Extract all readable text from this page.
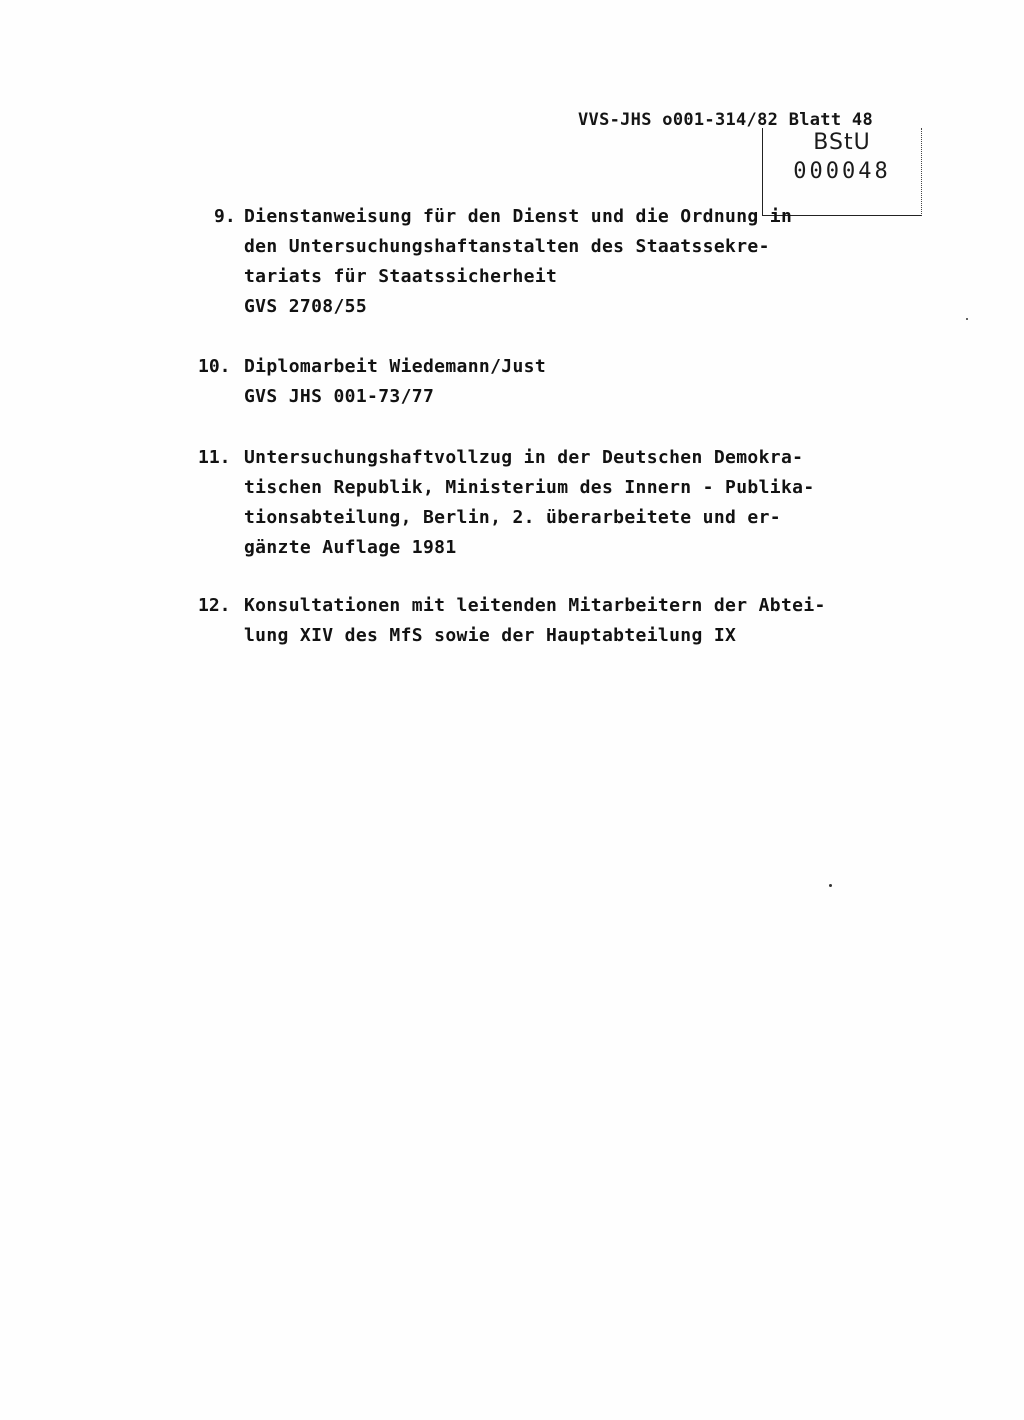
VVS-JHS o001-314/82 Blatt 48
BStU
000048
9. Dienstanweisung für den Dienst und die Ordnung in
den Untersuchungshaftanstalten des Staatssekre-
tariats für Staatssicherheit
GVS 2708/55
10. Diplomarbeit Wiedemann/Just
GVS JHS 001-73/77
11. Untersuchungshaftvollzug in der Deutschen Demokra-
tischen Republik, Ministerium des Innern - Publika-
tionsabteilung, Berlin, 2. überarbeitete und er-
gänzte Auflage 1981
12. Konsultationen mit leitenden Mitarbeitern der Abtei-
lung XIV des MfS sowie der Hauptabteilung IX
